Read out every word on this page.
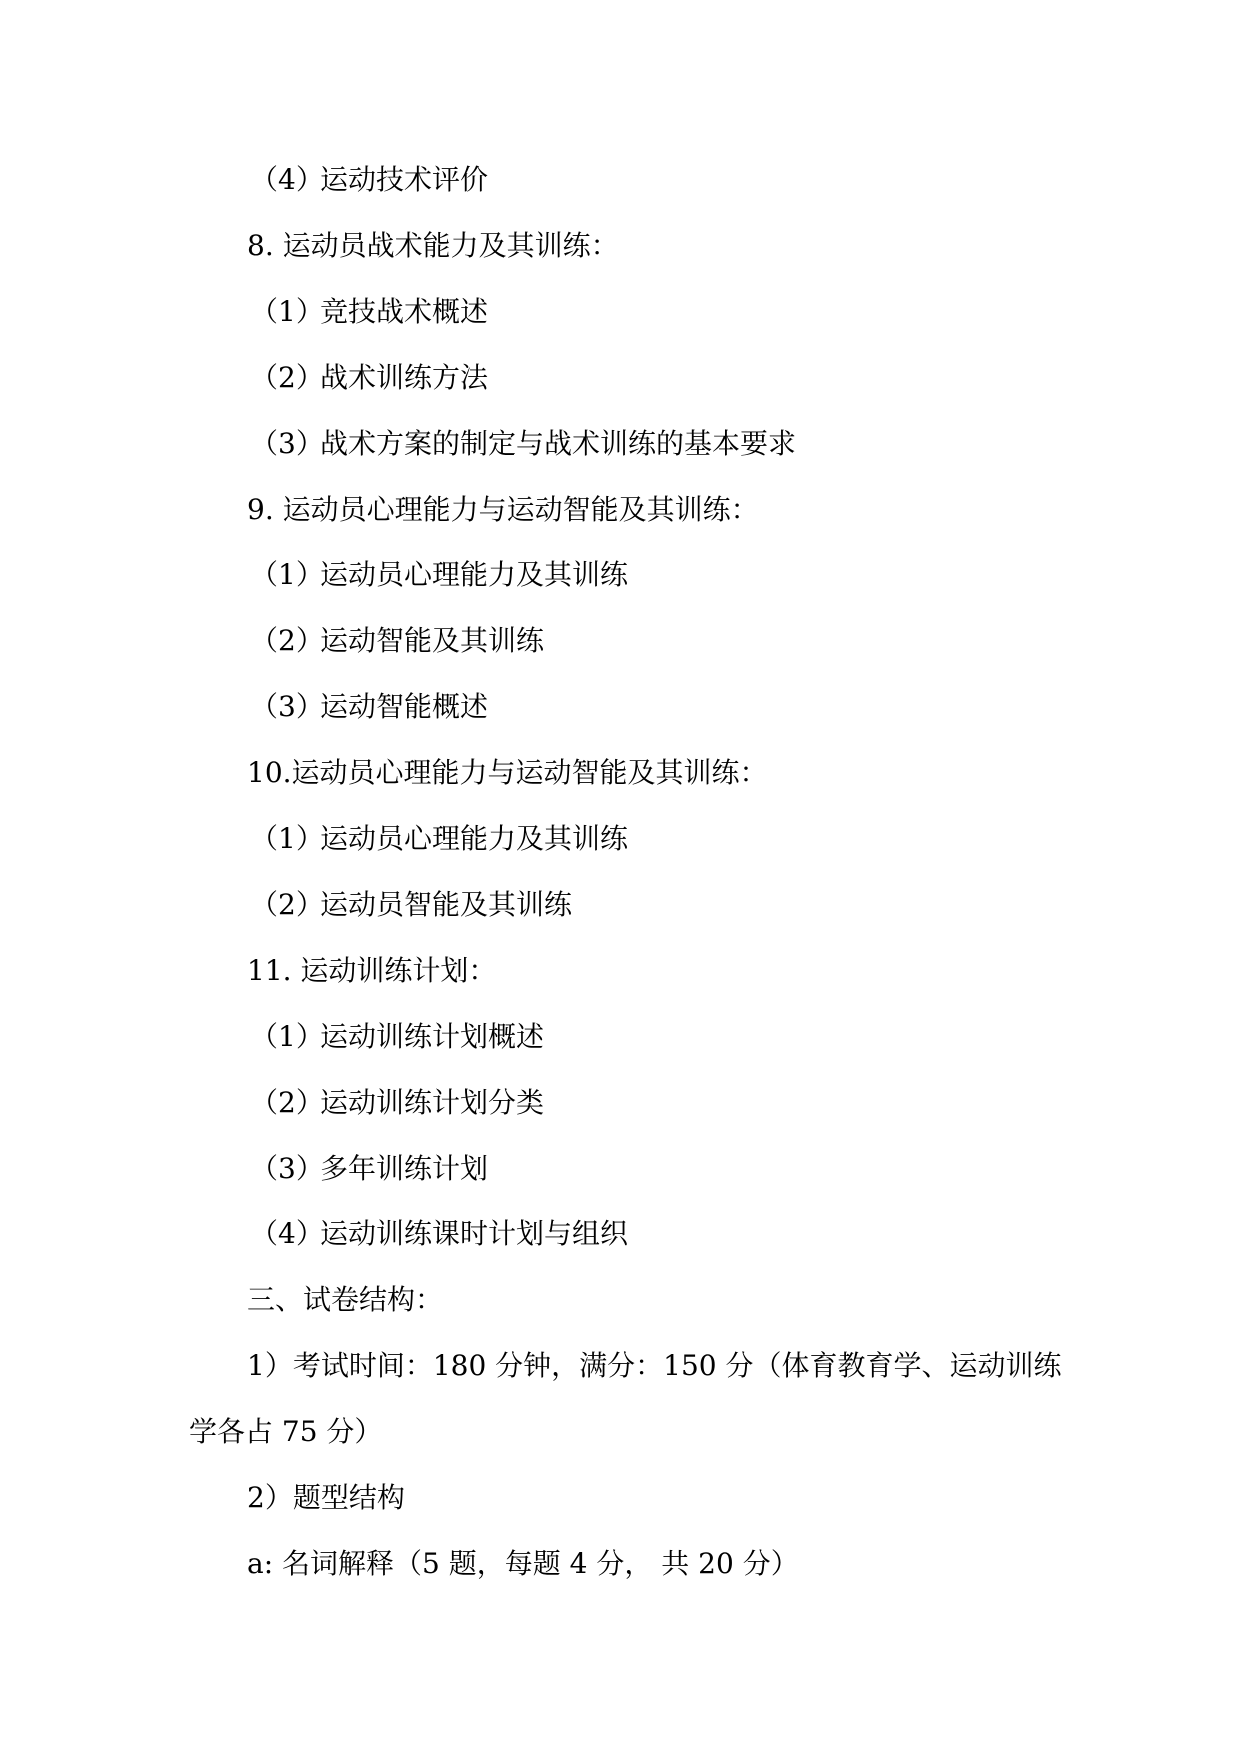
（4）运动技术评价
8. 运动员战术能力及其训练：
（1）竞技战术概述
（2）战术训练方法
（3）战术方案的制定与战术训练的基本要求
9. 运动员心理能力与运动智能及其训练：
（1）运动员心理能力及其训练
（2）运动智能及其训练
（3）运动智能概述
10.运动员心理能力与运动智能及其训练：
（1）运动员心理能力及其训练
（2）运动员智能及其训练
11. 运动训练计划：
（1）运动训练计划概述
（2）运动训练计划分类
（3）多年训练计划
（4）运动训练课时计划与组织
三、试卷结构：
1）考试时间：180 分钟，满分：150 分（体育教育学、运动训练
学各占 75 分）
2）题型结构
a: 名词解释（5 题，每题 4 分， 共 20 分）
